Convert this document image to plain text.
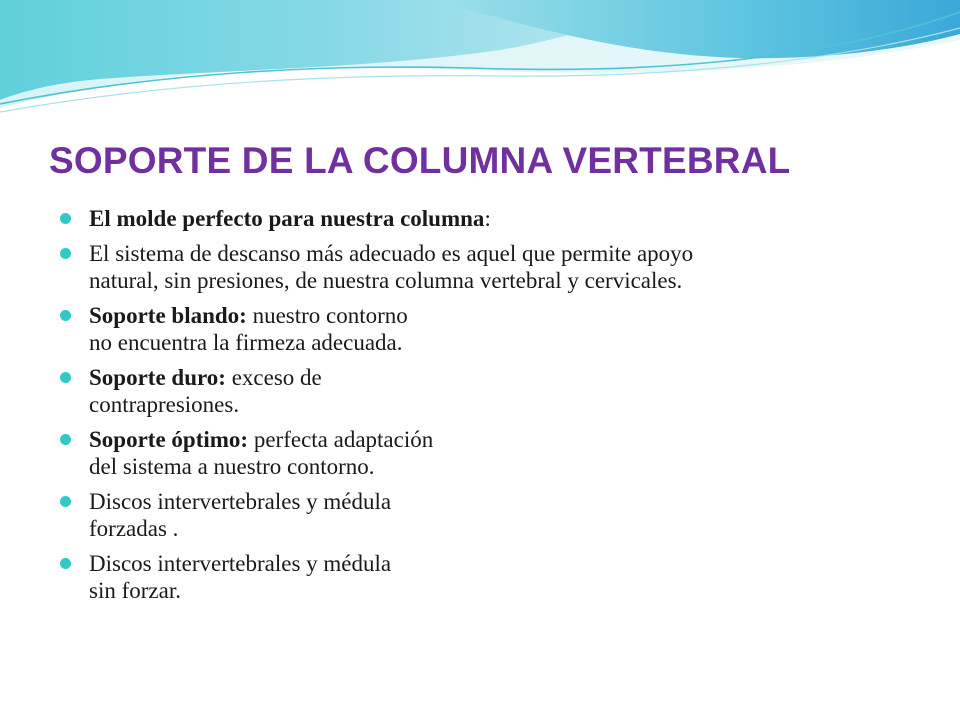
SOPORTE DE LA COLUMNA VERTEBRAL
El molde perfecto para nuestra columna:
El sistema de descanso más adecuado es aquel que permite apoyo
natural, sin presiones, de nuestra columna vertebral y cervicales.
Soporte blando: nuestro contorno
no encuentra la firmeza adecuada.
Soporte duro: exceso de
contrapresiones.
Soporte óptimo: perfecta adaptación
del sistema a nuestro contorno.
Discos intervertebrales y médula
forzadas .
Discos intervertebrales y médula
sin forzar.
